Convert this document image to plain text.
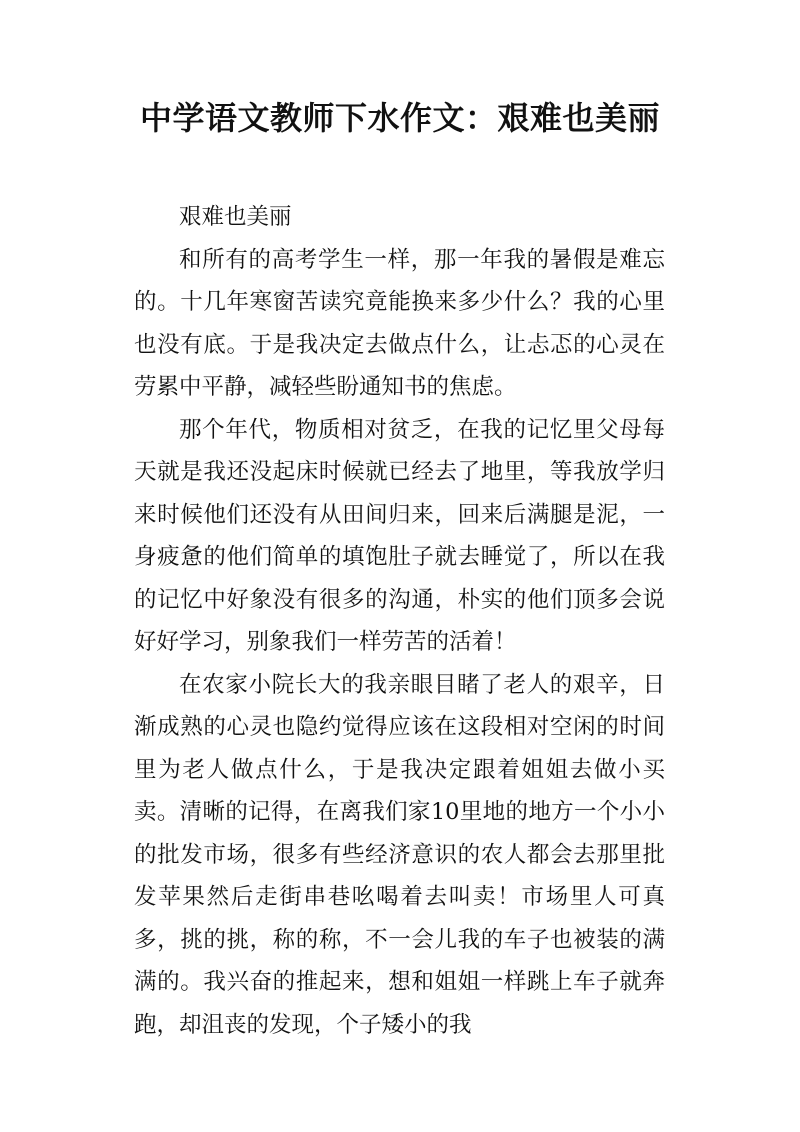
中学语文教师下水作文：艰难也美丽

艰难也美丽

和所有的高考学生一样，那一年我的暑假是难忘的。十几年寒窗苦读究竟能换来多少什么？我的心里也没有底。于是我决定去做点什么，让忐忑的心灵在劳累中平静，减轻些盼通知书的焦虑。

那个年代，物质相对贫乏，在我的记忆里父母每天就是我还没起床时候就已经去了地里，等我放学归来时候他们还没有从田间归来，回来后满腿是泥，一身疲惫的他们简单的填饱肚子就去睡觉了，所以在我的记忆中好象没有很多的沟通，朴实的他们顶多会说好好学习，别象我们一样劳苦的活着！

在农家小院长大的我亲眼目睹了老人的艰辛，日渐成熟的心灵也隐约觉得应该在这段相对空闲的时间里为老人做点什么，于是我决定跟着姐姐去做小买卖。清晰的记得，在离我们家10里地的地方一个小小的批发市场，很多有些经济意识的农人都会去那里批发苹果然后走街串巷吆喝着去叫卖！市场里人可真多，挑的挑，称的称，不一会儿我的车子也被装的满满的。我兴奋的推起来，想和姐姐一样跳上车子就奔跑，却沮丧的发现，个子矮小的我
